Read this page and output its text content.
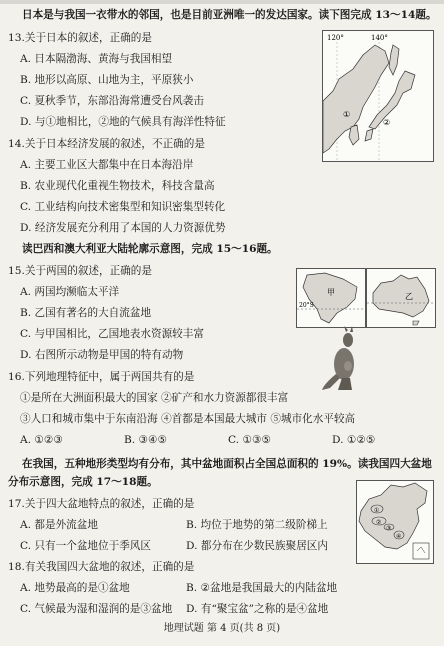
日本是与我国一衣带水的邻国，也是目前亚洲唯一的发达国家。读下图完成 13～14题。
13.关于日本的叙述，正确的是
A. 日本隔渤海、黄海与我国相望
B. 地形以高原、山地为主，平原狭小
C. 夏秋季节，东部沿海常遭受台风袭击
D. 与①地相比，②地的气候具有海洋性特征
120°	140°
①
②
14.关于日本经济发展的叙述，不正确的是
A. 主要工业区大都集中在日本海沿岸
B. 农业现代化重视生物技术，科技含量高
C. 工业结构向技术密集型和知识密集型转化
D. 经济发展充分利用了本国的人力资源优势
读巴西和澳大利亚大陆轮廓示意图，完成 15～16题。
15.关于两国的叙述，正确的是
A. 两国均濒临太平洋
B. 乙国有著名的大自流盆地
C. 与甲国相比，乙国地表水资源较丰富
D. 右图所示动物是甲国的特有动物
20°S
甲	乙
16.下列地理特征中，属于两国共有的是
①是所在大洲面积最大的国家 ②矿产和水力资源都很丰富
③人口和城市集中于东南沿海 ④首都是本国最大城市 ⑤城市化水平较高
A. ①②③	B. ③④⑤	C. ①③⑤	D. ①②⑤
在我国，五种地形类型均有分布，其中盆地面积占全国总面积的 19%。读我国四大盆地
分布示意图，完成 17～18题。
①
②
③
④
17.关于四大盆地特点的叙述，正确的是
A. 都是外流盆地	B. 均位于地势的第二级阶梯上
C. 只有一个盆地位于季风区	D. 都分布在少数民族聚居区内
18.有关我国四大盆地的叙述，正确的是
A. 地势最高的是①盆地	B. ②盆地是我国最大的内陆盆地
C. 气候最为湿和湿润的是③盆地 D. 有“聚宝盆”之称的是④盆地
地理试题 第 4 页(共 8 页)
